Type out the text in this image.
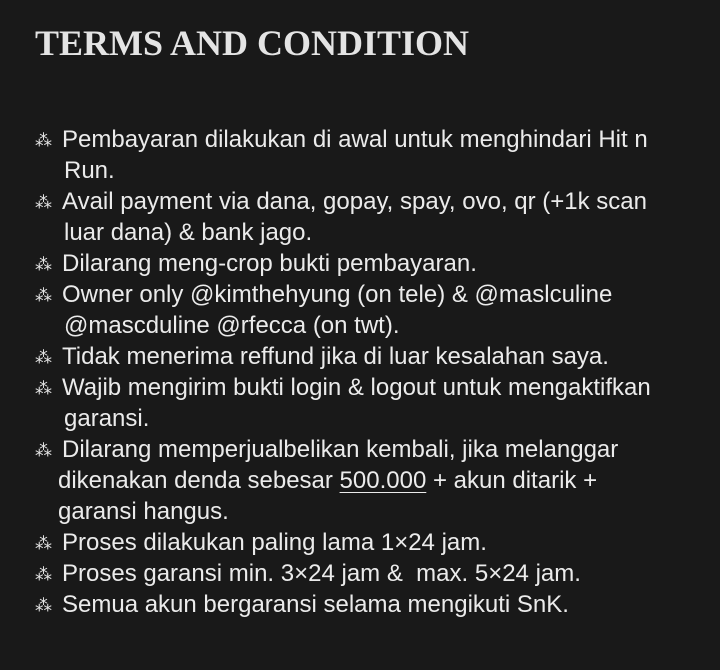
TERMS AND CONDITION
⁂ Pembayaran dilakukan di awal untuk menghindari Hit n
Run.
⁂ Avail payment via dana, gopay, spay, ovo, qr (+1k scan
luar dana) & bank jago.
⁂ Dilarang meng-crop bukti pembayaran.
⁂ Owner only @kimthehyung (on tele) & @maslculine
@mascduline @rfecca (on twt).
⁂ Tidak menerima reffund jika di luar kesalahan saya.
⁂ Wajib mengirim bukti login & logout untuk mengaktifkan
garansi.
⁂ Dilarang memperjualbelikan kembali, jika melanggar
dikenakan denda sebesar 500.000 + akun ditarik +
garansi hangus.
⁂ Proses dilakukan paling lama 1×24 jam.
⁂ Proses garansi min. 3×24 jam &  max. 5×24 jam.
⁂ Semua akun bergaransi selama mengikuti SnK.
